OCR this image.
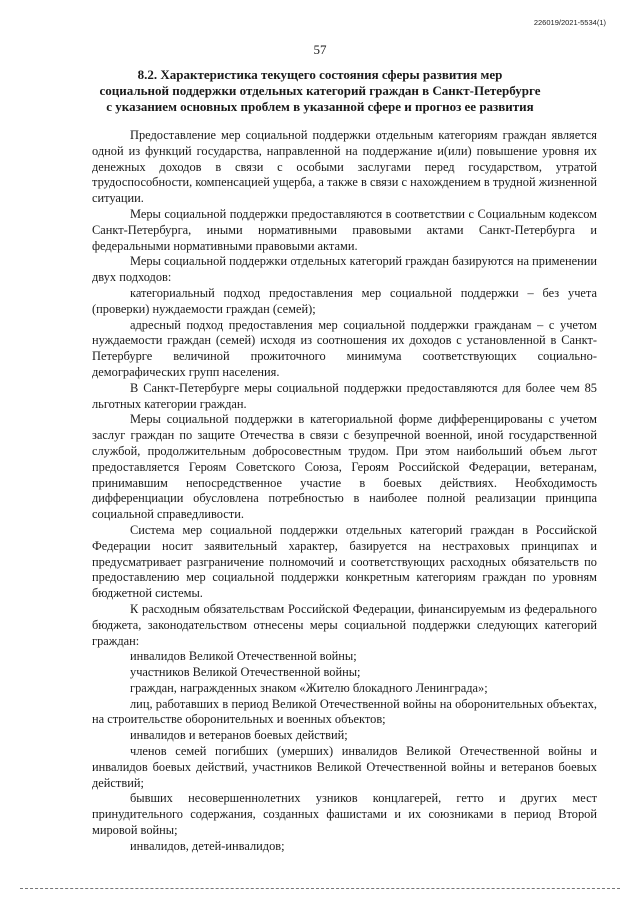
226019/2021-5534(1)
57
8.2. Характеристика текущего состояния сферы развития мер
социальной поддержки отдельных категорий граждан в Санкт-Петербурге
с указанием основных проблем в указанной сфере и прогноз ее развития

Предоставление мер социальной поддержки отдельным категориям граждан является одной из функций государства, направленной на поддержание и(или) повышение уровня их денежных доходов в связи с особыми заслугами перед государством, утратой трудоспособности, компенсацией ущерба, а также в связи с нахождением в трудной жизненной ситуации.

Меры социальной поддержки предоставляются в соответствии с Социальным кодексом Санкт-Петербурга, иными нормативными правовыми актами Санкт-Петербурга и федеральными нормативными правовыми актами.

Меры социальной поддержки отдельных категорий граждан базируются на применении двух подходов:

категориальный подход предоставления мер социальной поддержки – без учета (проверки) нуждаемости граждан (семей);

адресный подход предоставления мер социальной поддержки гражданам – с учетом нуждаемости граждан (семей) исходя из соотношения их доходов с установленной в Санкт-Петербурге величиной прожиточного минимума соответствующих социально-демографических групп населения.

В Санкт-Петербурге меры социальной поддержки предоставляются для более чем 85 льготных категории граждан.

Меры социальной поддержки в категориальной форме дифференцированы с учетом заслуг граждан по защите Отечества в связи с безупречной военной, иной государственной службой, продолжительным добросовестным трудом. При этом наибольший объем льгот предоставляется Героям Советского Союза, Героям Российской Федерации, ветеранам, принимавшим непосредственное участие в боевых действиях. Необходимость дифференциации обусловлена потребностью в наиболее полной реализации принципа социальной справедливости.

Система мер социальной поддержки отдельных категорий граждан в Российской Федерации носит заявительный характер, базируется на нестраховых принципах и предусматривает разграничение полномочий и соответствующих расходных обязательств по предоставлению мер социальной поддержки конкретным категориям граждан по уровням бюджетной системы.

К расходным обязательствам Российской Федерации, финансируемым из федерального бюджета, законодательством отнесены меры социальной поддержки следующих категорий граждан:

инвалидов Великой Отечественной войны;

участников Великой Отечественной войны;

граждан, награжденных знаком «Жителю блокадного Ленинграда»;

лиц, работавших в период Великой Отечественной войны на оборонительных объектах, на строительстве оборонительных и военных объектов;

инвалидов и ветеранов боевых действий;

членов семей погибших (умерших) инвалидов Великой Отечественной войны и инвалидов боевых действий, участников Великой Отечественной войны и ветеранов боевых действий;

бывших несовершеннолетних узников концлагерей, гетто и других мест принудительного содержания, созданных фашистами и их союзниками в период Второй мировой войны;

инвалидов, детей-инвалидов;
